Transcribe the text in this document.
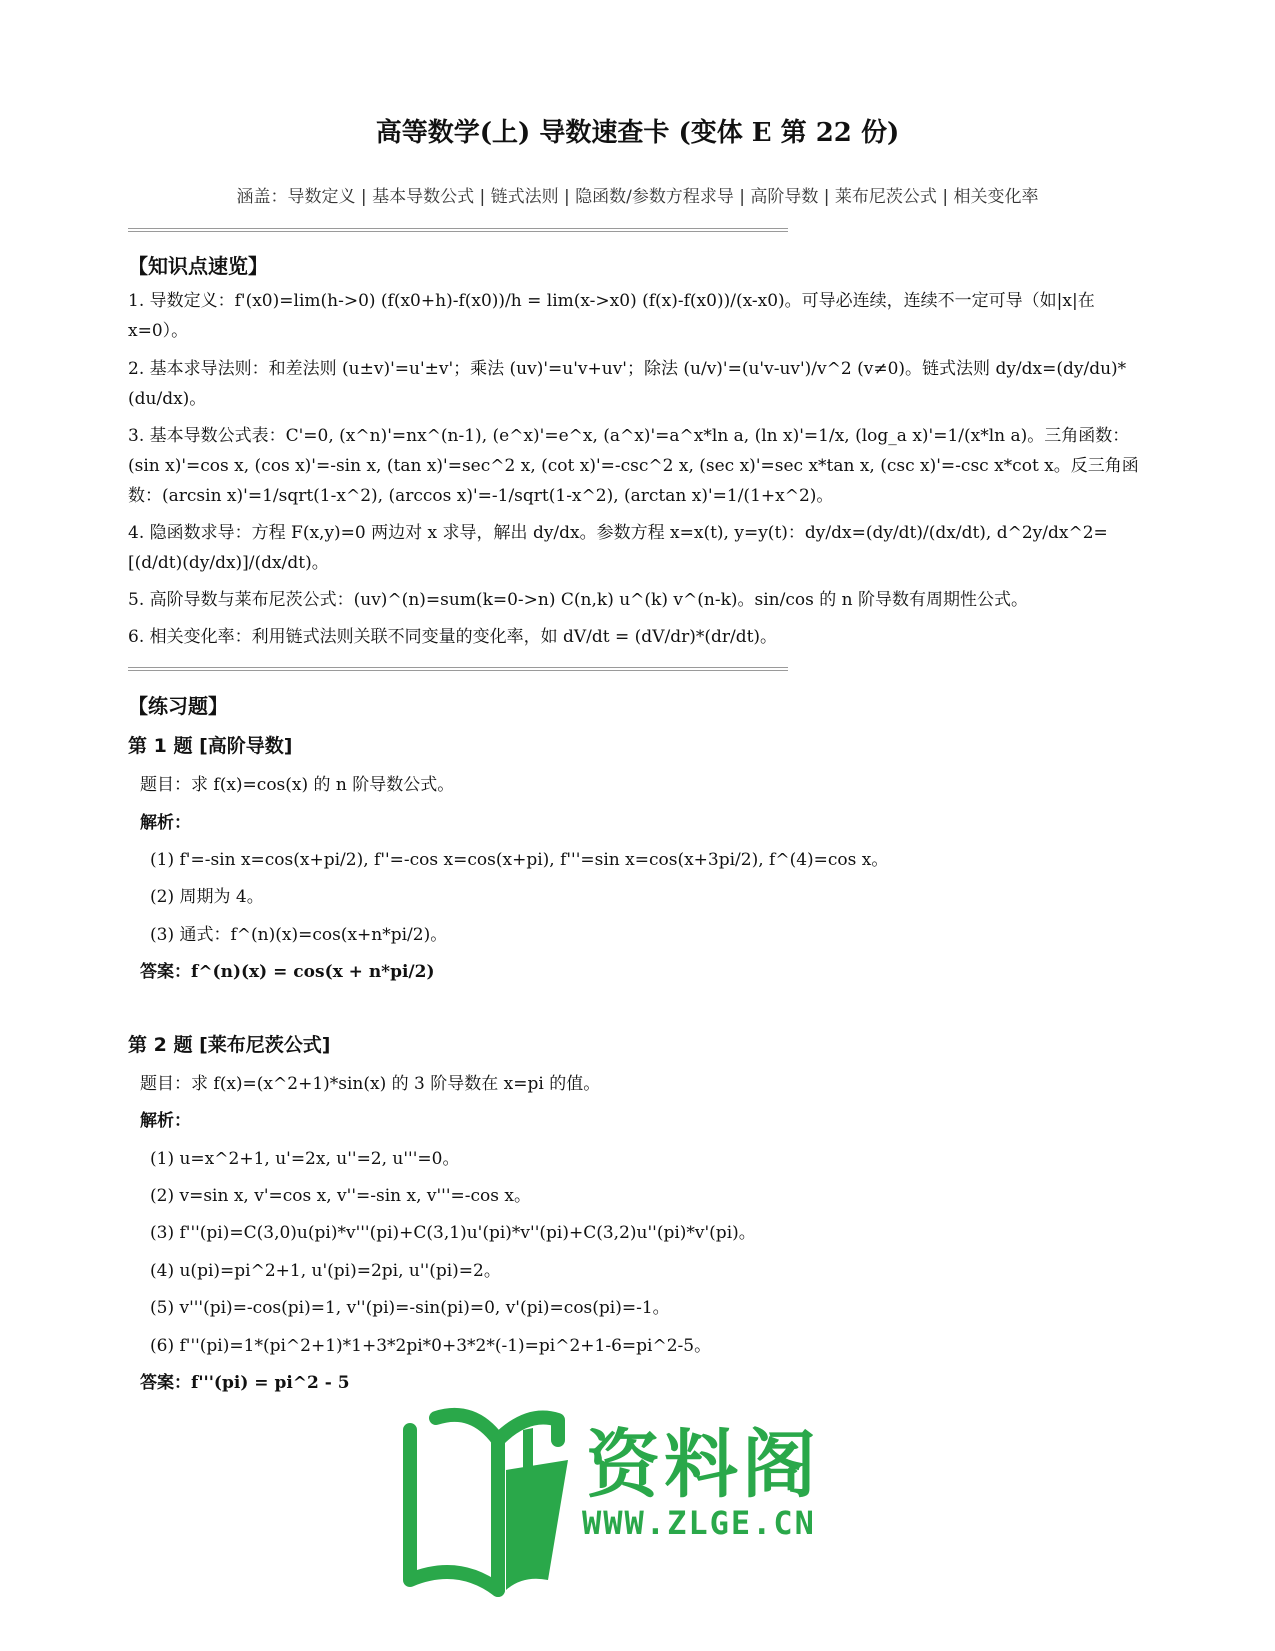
高等数学(上) 导数速查卡 (变体 E 第 22 份)
涵盖：导数定义 | 基本导数公式 | 链式法则 | 隐函数/参数方程求导 | 高阶导数 | 莱布尼茨公式 | 相关变化率
【知识点速览】
1. 导数定义：f'(x0)=lim(h->0) (f(x0+h)-f(x0))/h = lim(x->x0) (f(x)-f(x0))/(x-x0)。可导必连续，连续不一定可导（如|x|在 x=0）。
2. 基本求导法则：和差法则 (u±v)'=u'±v'；乘法 (uv)'=u'v+uv'；除法 (u/v)'=(u'v-uv')/v^2 (v≠0)。链式法则 dy/dx=(dy/du)*(du/dx)。
3. 基本导数公式表：C'=0, (x^n)'=nx^(n-1), (e^x)'=e^x, (a^x)'=a^x*ln a, (ln x)'=1/x, (log_a x)'=1/(x*ln a)。三角函数：(sin x)'=cos x, (cos x)'=-sin x, (tan x)'=sec^2 x, (cot x)'=-csc^2 x, (sec x)'=sec x*tan x, (csc x)'=-csc x*cot x。反三角函数：(arcsin x)'=1/sqrt(1-x^2), (arccos x)'=-1/sqrt(1-x^2), (arctan x)'=1/(1+x^2)。
4. 隐函数求导：方程 F(x,y)=0 两边对 x 求导，解出 dy/dx。参数方程 x=x(t), y=y(t)：dy/dx=(dy/dt)/(dx/dt), d^2y/dx^2=[(d/dt)(dy/dx)]/(dx/dt)。
5. 高阶导数与莱布尼茨公式：(uv)^(n)=sum(k=0->n) C(n,k) u^(k) v^(n-k)。sin/cos 的 n 阶导数有周期性公式。
6. 相关变化率：利用链式法则关联不同变量的变化率，如 dV/dt = (dV/dr)*(dr/dt)。
【练习题】
第 1 题 [高阶导数]
题目：求 f(x)=cos(x) 的 n 阶导数公式。
解析：
(1) f'=-sin x=cos(x+pi/2), f''=-cos x=cos(x+pi), f'''=sin x=cos(x+3pi/2), f^(4)=cos x。
(2) 周期为 4。
(3) 通式：f^(n)(x)=cos(x+n*pi/2)。
答案：f^(n)(x) = cos(x + n*pi/2)
第 2 题 [莱布尼茨公式]
题目：求 f(x)=(x^2+1)*sin(x) 的 3 阶导数在 x=pi 的值。
解析：
(1) u=x^2+1, u'=2x, u''=2, u'''=0。
(2) v=sin x, v'=cos x, v''=-sin x, v'''=-cos x。
(3) f'''(pi)=C(3,0)u(pi)*v'''(pi)+C(3,1)u'(pi)*v''(pi)+C(3,2)u''(pi)*v'(pi)。
(4) u(pi)=pi^2+1, u'(pi)=2pi, u''(pi)=2。
(5) v'''(pi)=-cos(pi)=1, v''(pi)=-sin(pi)=0, v'(pi)=cos(pi)=-1。
(6) f'''(pi)=1*(pi^2+1)*1+3*2pi*0+3*2*(-1)=pi^2+1-6=pi^2-5。
答案：f'''(pi) = pi^2 - 5
资料阁
WWW.ZLGE.CN
